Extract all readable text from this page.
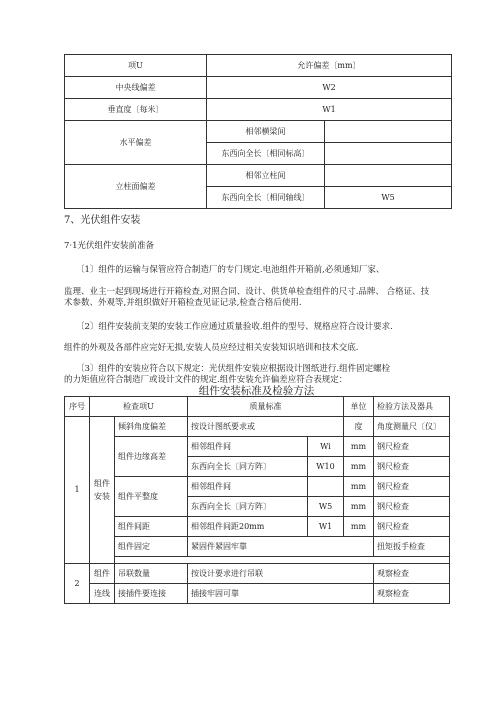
项U	允许偏差〔mm〕	
中央线偏差	W2	
垂直度〔每米〕	W1	
水平偏差	相邻横梁间	
	东西向全长〔相同标高〕	
立柱面偏差	相邻立柱间	
	东西向全长〔相同轴线〕	W5
7、光伏组件安装
7·1光伏组件安装前准备
〔1〕组件的运输与保管应符合制造厂的专门规定.电池组件开箱前,必须通知厂家、
监理、业主一起到现场进行开箱检查,对照合同、设计、供货单检查组件的尺寸.品牌、 合格证、技
术参数、外观等,并组织做好开箱检查见证记录,检查合格后使用.
〔2〕组件安装前支架的安装工作应通过质量验收.组件的型号、规格应符合设计要求.
组件的外观及各部件应完好无损,安装人员应经过相关安装知识培训和技术交底.
〔3〕组件的安装应符合以下规定：光伏组件安装应根据设计图纸进行.组件固定螺栓
的力矩值应符合制造厂或设计文件的规定.组件安装允许偏差应符合表规定：
组件安装标准及检验方法
序号	检查项U		质量标准		单位	检验方法及器具
1	组件
安装	倾斜角度偏差	按设计图纸要求或		度	角度测量尺〔仪〕
		组件边缘高差	相邻组件间	Wi	mm	钢尺检查
			东西向全长〔同方阵〕	W10	mm	钢尺检查
		组件平整度	相邻组件间		mm	钢尺检查
			东西向全长〔同方阵〕	W5	mm	钢尺检查
		组件间距	相邻组件间距20mm	W1	mm	钢尺检查
		组件固定	紧固件紧固牢靠			扭矩扳手检查

2	组件	吊联数量	按设计要求进行吊联			观察检查
	连线	接插件要连接	插接牢固可靠			观察检查
